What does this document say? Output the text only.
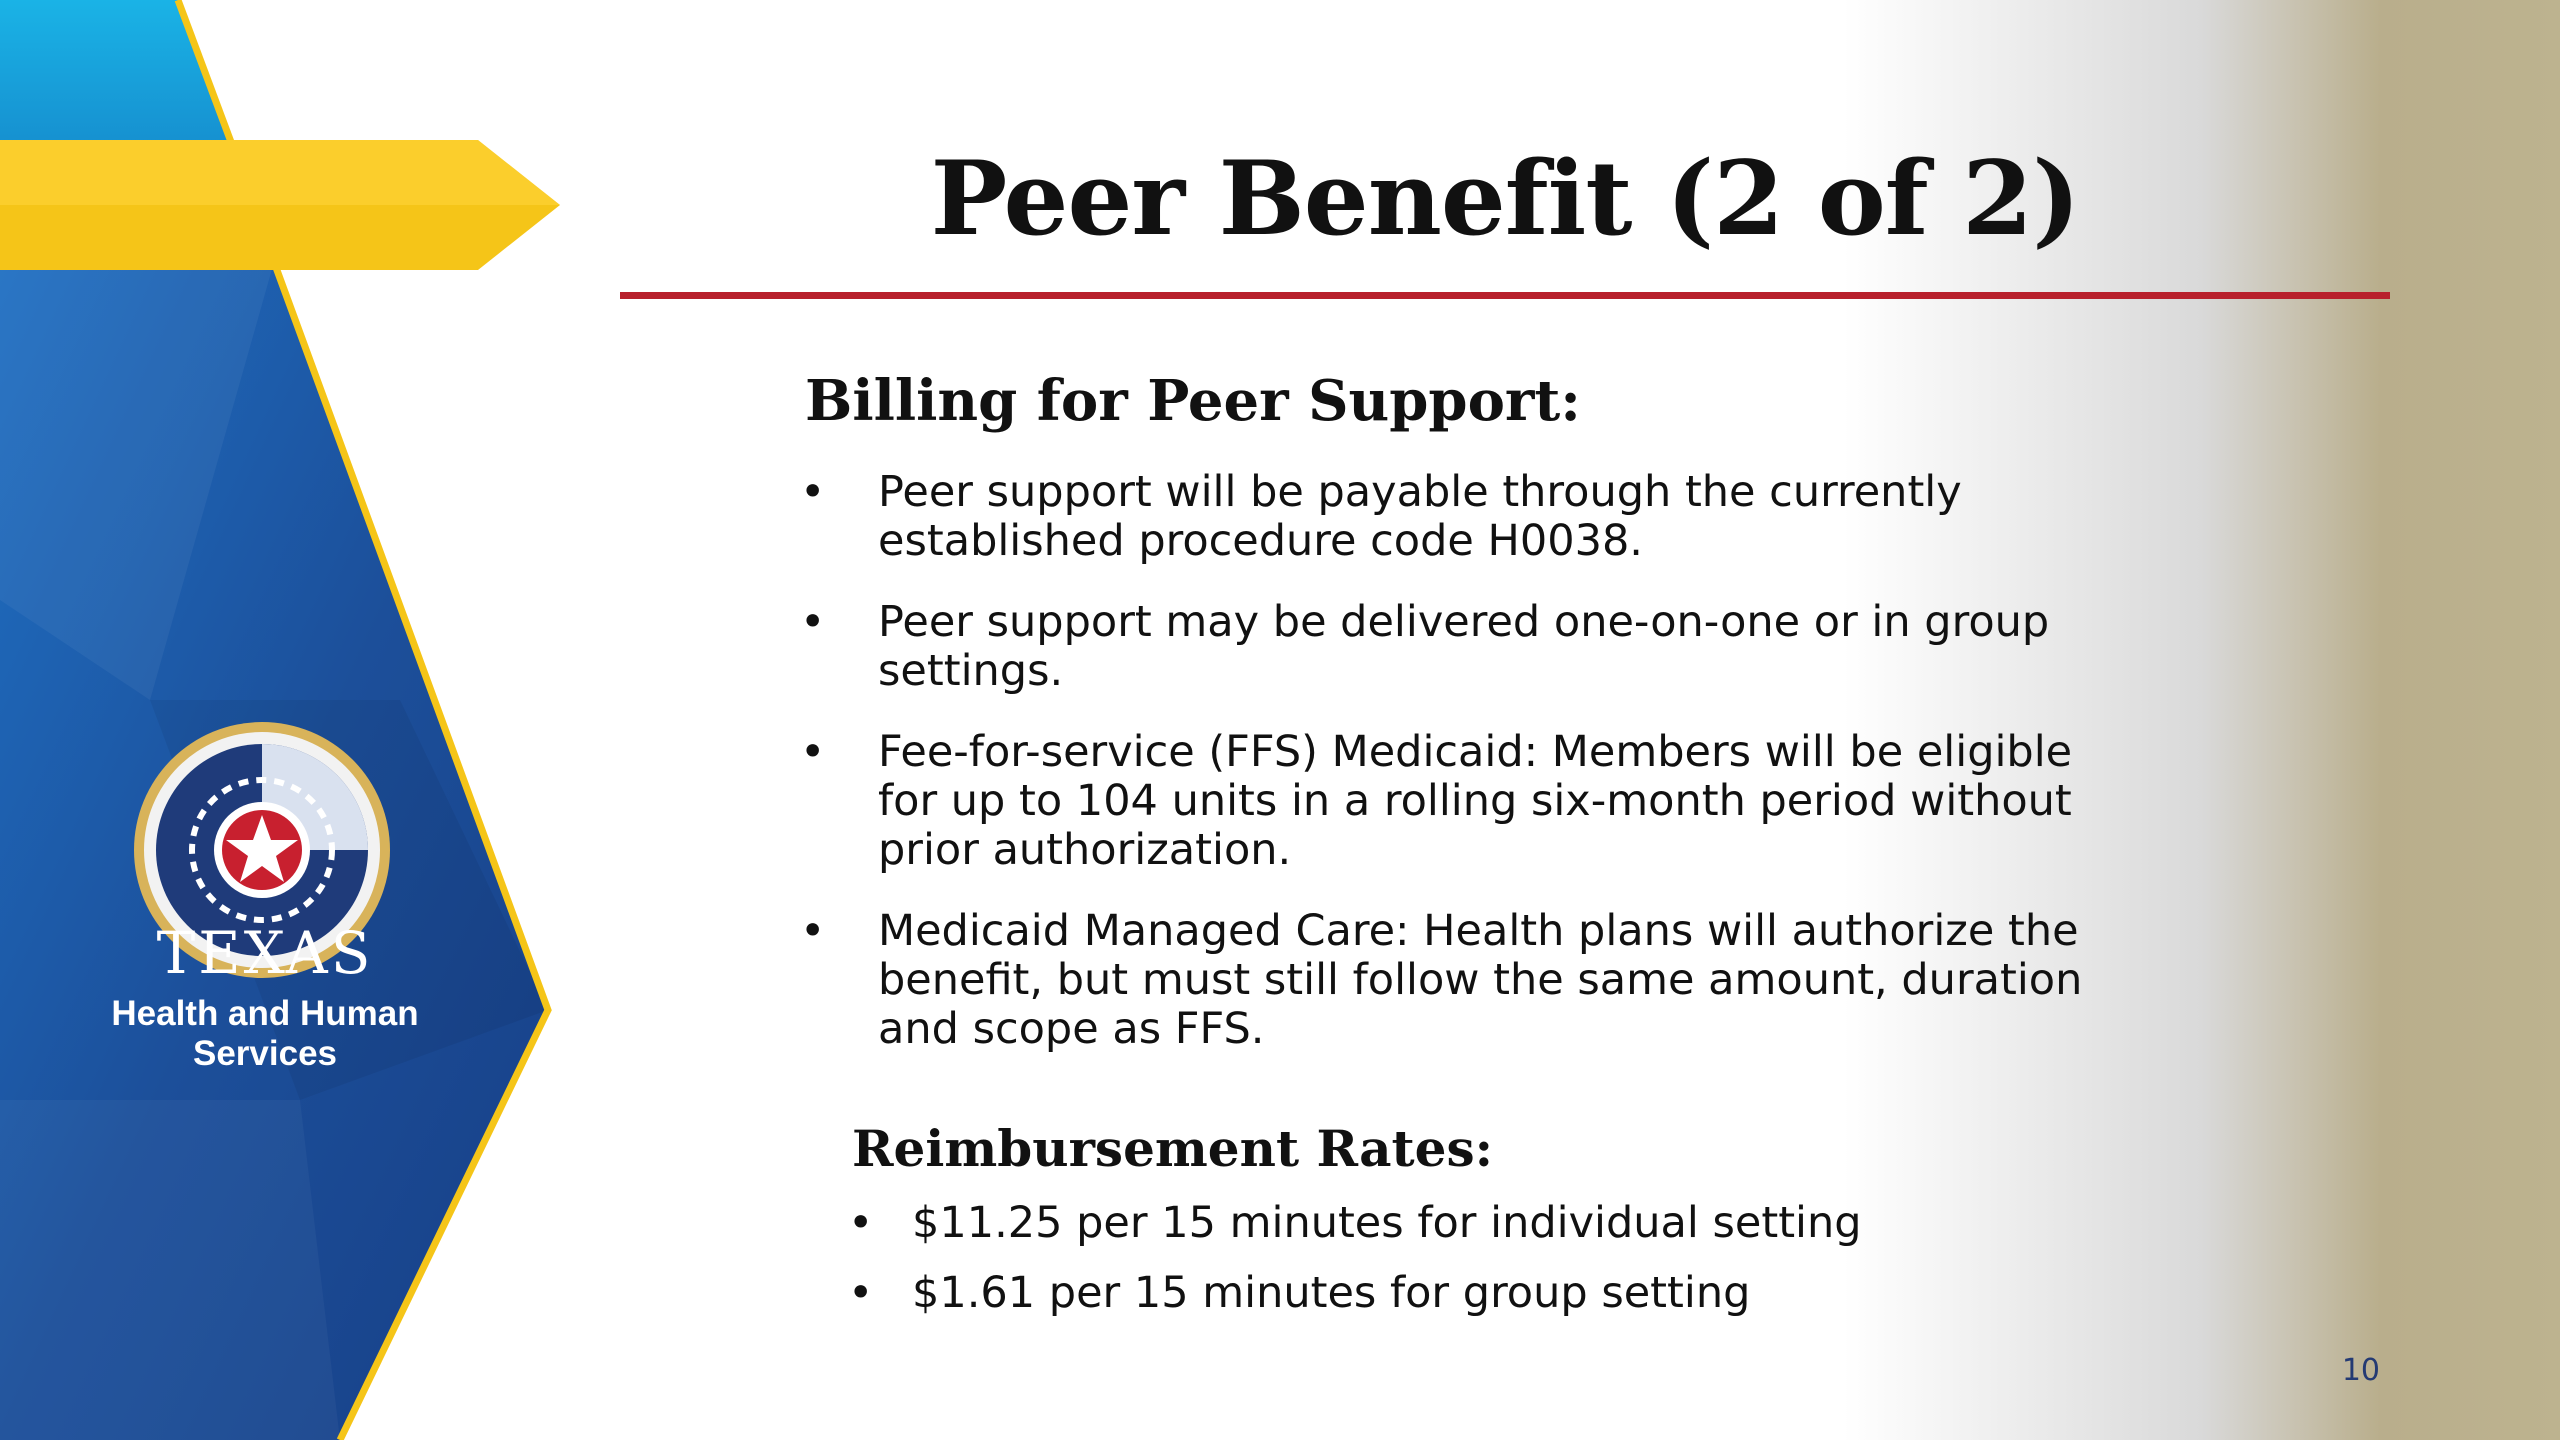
TEXAS
Health and Human
Services
Peer Benefit (2 of 2)
Billing for Peer Support:
• Peer support will be payable through the currently established procedure code H0038.
• Peer support may be delivered one-on-one or in group settings.
• Fee-for-service (FFS) Medicaid: Members will be eligible for up to 104 units in a rolling six-month period without prior authorization.
• Medicaid Managed Care: Health plans will authorize the benefit, but must still follow the same amount, duration and scope as FFS.
Reimbursement Rates:
• $11.25 per 15 minutes for individual setting
• $1.61 per 15 minutes for group setting
10
